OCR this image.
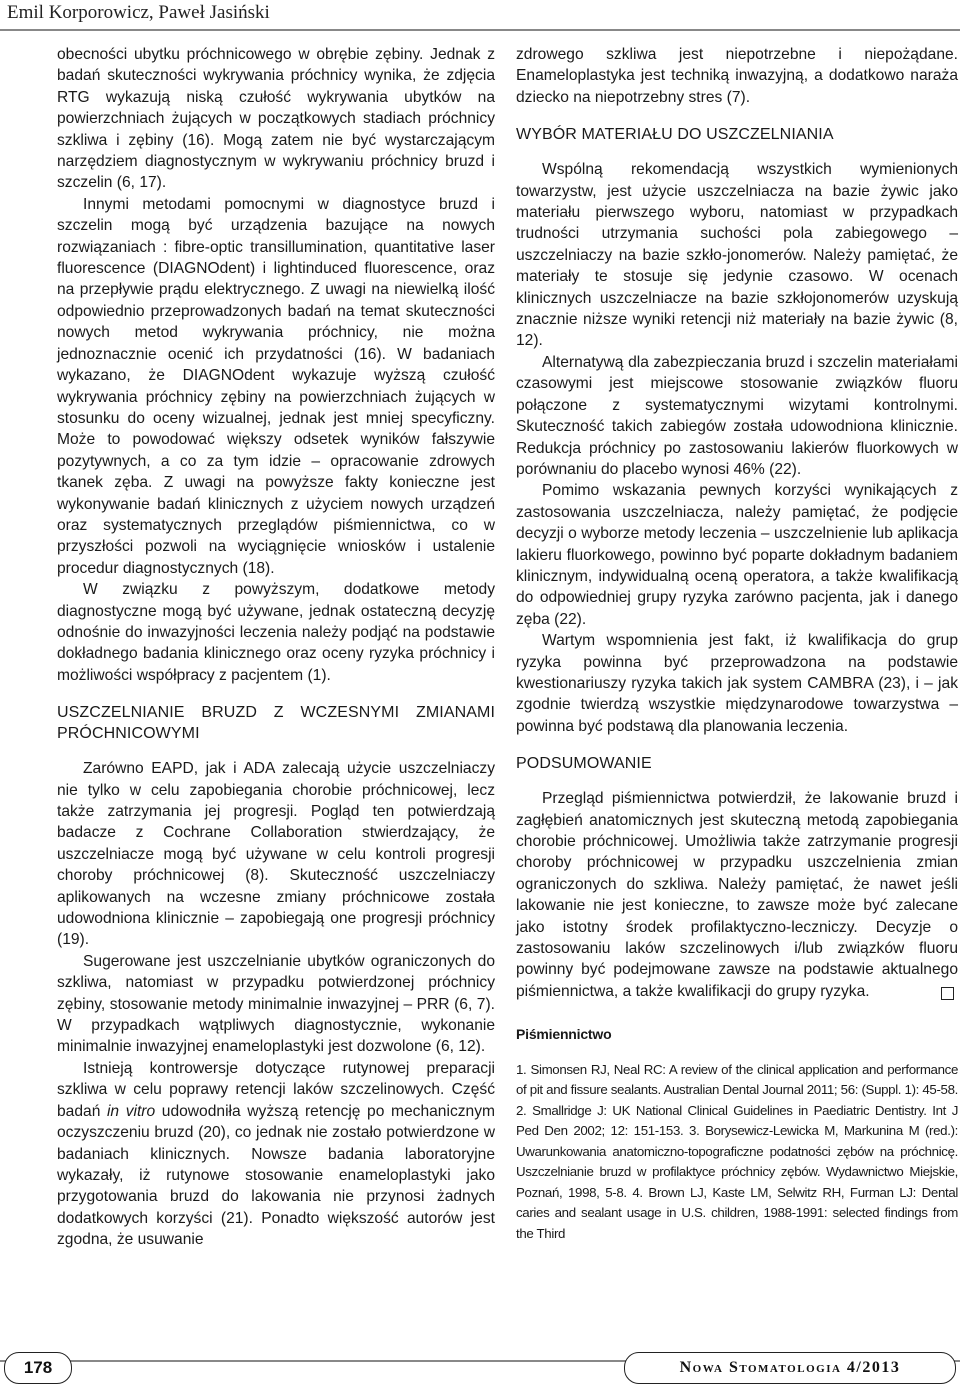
Emil Korporowicz, Paweł Jasiński

obecności ubytku próchnicowego w obrębie zębiny. Jednak z badań skuteczności wykrywania próchnicy wynika, że zdjęcia RTG wykazują niską czułość wykrywania ubytków na powierzchniach żujących w początkowych stadiach próchnicy szkliwa i zębiny (16). Mogą zatem nie być wystarczającym narzędziem diagnostycznym w wykrywaniu próchnicy bruzd i szczelin (6, 17).

Innymi metodami pomocnymi w diagnostyce bruzd i szczelin mogą być urządzenia bazujące na nowych rozwiązaniach : fibre-optic transillumination, quantitative laser fluorescence (DIAGNOdent) i lightinduced fluorescence, oraz na przepływie prądu elektrycznego. Z uwagi na niewielką ilość odpowiednio przeprowadzonych badań na temat skuteczności nowych metod wykrywania próchnicy, nie można jednoznacznie ocenić ich przydatności (16). W badaniach wykazano, że DIAGNOdent wykazuje wyższą czułość wykrywania próchnicy zębiny na powierzchniach żujących w stosunku do oceny wizualnej, jednak jest mniej specyficzny. Może to powodować większy odsetek wyników fałszywie pozytywnych, a co za tym idzie – opracowanie zdrowych tkanek zęba. Z uwagi na powyższe fakty konieczne jest wykonywanie badań klinicznych z użyciem nowych urządzeń oraz systematycznych przeglądów piśmiennictwa, co w przyszłości pozwoli na wyciągnięcie wniosków i ustalenie procedur diagnostycznych (18).

W związku z powyższym, dodatkowe metody diagnostyczne mogą być używane, jednak ostateczną decyzję odnośnie do inwazyjności leczenia należy podjąć na podstawie dokładnego badania klinicznego oraz oceny ryzyka próchnicy i możliwości współpracy z pacjentem (1).

USZCZELNIANIE BRUZD Z WCZESNYMI ZMIANAMI PRÓCHNICOWYMI

Zarówno EAPD, jak i ADA zalecają użycie uszczelniaczy nie tylko w celu zapobiegania chorobie próchnicowej, lecz także zatrzymania jej progresji. Pogląd ten potwierdzają badacze z Cochrane Collaboration stwierdzający, że uszczelniacze mogą być używane w celu kontroli progresji choroby próchnicowej (8). Skuteczność uszczelniaczy aplikowanych na wczesne zmiany próchnicowe została udowodniona klinicznie – zapobiegają one progresji próchnicy (19).

Sugerowane jest uszczelnianie ubytków ograniczonych do szkliwa, natomiast w przypadku potwierdzonej próchnicy zębiny, stosowanie metody minimalnie inwazyjnej – PRR (6, 7). W przypadkach wątpliwych diagnostycznie, wykonanie minimalnie inwazyjnej enameloplastyki jest dozwolone (6, 12).

Istnieją kontrowersje dotyczące rutynowej preparacji szkliwa w celu poprawy retencji laków szczelinowych. Część badań in vitro udowodniła wyższą retencję po mechanicznym oczyszczeniu bruzd (20), co jednak nie zostało potwierdzone w badaniach klinicznych. Nowsze badania laboratoryjne wykazały, iż rutynowe stosowanie enameloplastyki jako przygotowania bruzd do lakowania nie przynosi żadnych dodatkowych korzyści (21). Ponadto większość autorów jest zgodna, że usuwanie

zdrowego szkliwa jest niepotrzebne i niepożądane. Enameloplastyka jest techniką inwazyjną, a dodatkowo naraża dziecko na niepotrzebny stres (7).

WYBÓR MATERIAŁU DO USZCZELNIANIA

Wspólną rekomendacją wszystkich wymienionych towarzystw, jest użycie uszczelniacza na bazie żywic jako materiału pierwszego wyboru, natomiast w przypadkach trudności utrzymania suchości pola zabiegowego – uszczelniaczy na bazie szkło-jonomerów. Należy pamiętać, że materiały te stosuje się jedynie czasowo. W ocenach klinicznych uszczelniacze na bazie szkłojonomerów uzyskują znacznie niższe wyniki retencji niż materiały na bazie żywic (8, 12).

Alternatywą dla zabezpieczania bruzd i szczelin materiałami czasowymi jest miejscowe stosowanie związków fluoru połączone z systematycznymi wizytami kontrolnymi. Skuteczność takich zabiegów została udowodniona klinicznie. Redukcja próchnicy po zastosowaniu lakierów fluorkowych w porównaniu do placebo wynosi 46% (22).

Pomimo wskazania pewnych korzyści wynikających z zastosowania uszczelniacza, należy pamiętać, że podjęcie decyzji o wyborze metody leczenia – uszczelnienie lub aplikacja lakieru fluorkowego, powinno być poparte dokładnym badaniem klinicznym, indywidualną oceną operatora, a także kwalifikacją do odpowiedniej grupy ryzyka zarówno pacjenta, jak i danego zęba (22).

Wartym wspomnienia jest fakt, iż kwalifikacja do grup ryzyka powinna być przeprowadzona na podstawie kwestionariuszy ryzyka takich jak system CAMBRA (23), i – jak zgodnie twierdzą wszystkie międzynarodowe towarzystwa – powinna być podstawą dla planowania leczenia.

PODSUMOWANIE

Przegląd piśmiennictwa potwierdził, że lakowanie bruzd i zagłębień anatomicznych jest skuteczną metodą zapobiegania chorobie próchnicowej. Umożliwia także zatrzymanie progresji choroby próchnicowej w przypadku uszczelnienia zmian ograniczonych do szkliwa. Należy pamiętać, że nawet jeśli lakowanie nie jest konieczne, to zawsze może być zalecane jako istotny środek profilaktyczno-leczniczy. Decyzje o zastosowaniu laków szczelinowych i/lub związków fluoru powinny być podejmowane zawsze na podstawie aktualnego piśmiennictwa, a także kwalifikacji do grupy ryzyka.

Piśmiennictwo
1. Simonsen RJ, Neal RC: A review of the clinical application and performance of pit and fissure sealants. Australian Dental Journal 2011; 56: (Suppl. 1): 45-58. 2. Smallridge J: UK National Clinical Guidelines in Paediatric Dentistry. Int J Ped Den 2002; 12: 151-153. 3. Borysewicz-Lewicka M, Markunina M (red.): Uwarunkowania anatomiczno-topograficzne podatności zębów na próchnicę. Uszczelnianie bruzd w profilaktyce próchnicy zębów. Wydawnictwo Miejskie, Poznań, 1998, 5-8. 4. Brown LJ, Kaste LM, Selwitz RH, Furman LJ: Dental caries and sealant usage in U.S. children, 1988-1991: selected findings from the Third
178	Nowa Stomatologia 4/2013
